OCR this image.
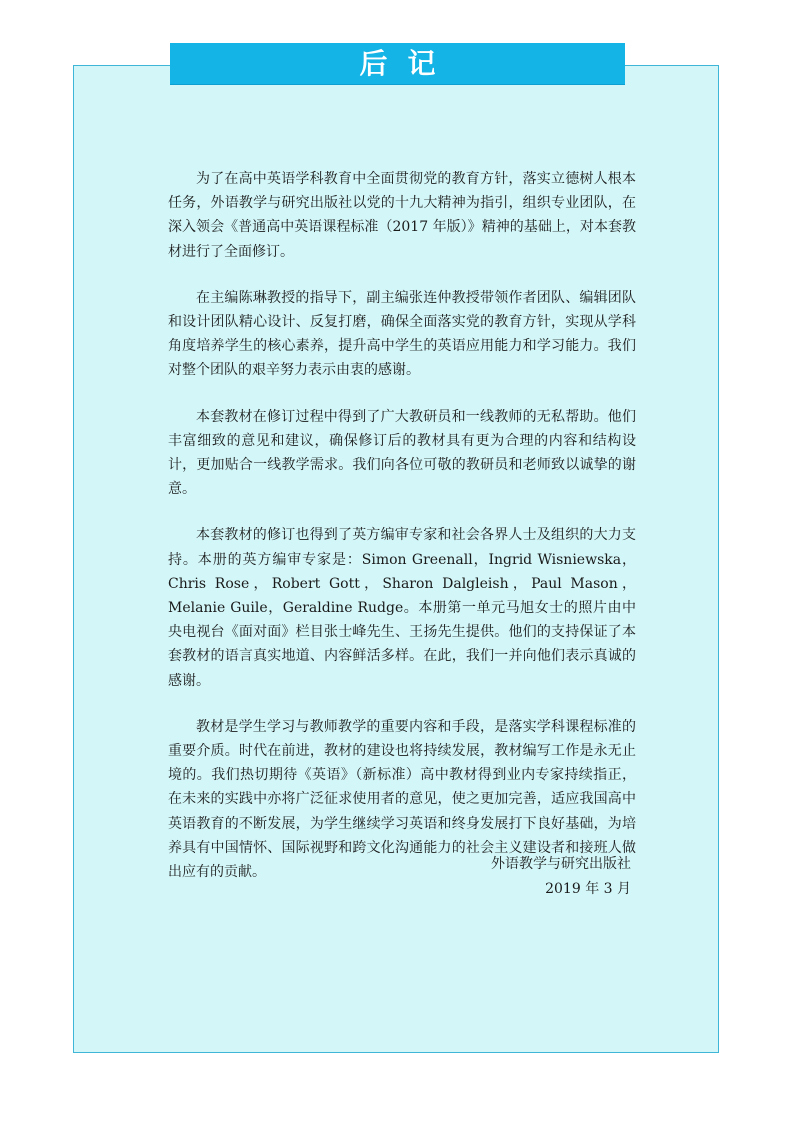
后记

为了在高中英语学科教育中全面贯彻党的教育方针，落实立德树人根本任务，外语教学与研究出版社以党的十九大精神为指引，组织专业团队，在深入领会《普通高中英语课程标准（2017 年版）》精神的基础上，对本套教材进行了全面修订。

在主编陈琳教授的指导下，副主编张连仲教授带领作者团队、编辑团队和设计团队精心设计、反复打磨，确保全面落实党的教育方针，实现从学科角度培养学生的核心素养，提升高中学生的英语应用能力和学习能力。我们对整个团队的艰辛努力表示由衷的感谢。

本套教材在修订过程中得到了广大教研员和一线教师的无私帮助。他们丰富细致的意见和建议，确保修订后的教材具有更为合理的内容和结构设计，更加贴合一线教学需求。我们向各位可敬的教研员和老师致以诚挚的谢意。

本套教材的修订也得到了英方编审专家和社会各界人士及组织的大力支持。本册的英方编审专家是：Simon Greenall，Ingrid Wisniewska，Chris Rose，Robert Gott，Sharon Dalgleish，Paul Mason，Melanie Guile，Geraldine Rudge。本册第一单元马旭女士的照片由中央电视台《面对面》栏目张士峰先生、王扬先生提供。他们的支持保证了本套教材的语言真实地道、内容鲜活多样。在此，我们一并向他们表示真诚的感谢。

教材是学生学习与教师教学的重要内容和手段，是落实学科课程标准的重要介质。时代在前进，教材的建设也将持续发展，教材编写工作是永无止境的。我们热切期待《英语》（新标准）高中教材得到业内专家持续指正，在未来的实践中亦将广泛征求使用者的意见，使之更加完善，适应我国高中英语教育的不断发展，为学生继续学习英语和终身发展打下良好基础，为培养具有中国情怀、国际视野和跨文化沟通能力的社会主义建设者和接班人做出应有的贡献。

外语教学与研究出版社
2019 年 3 月
